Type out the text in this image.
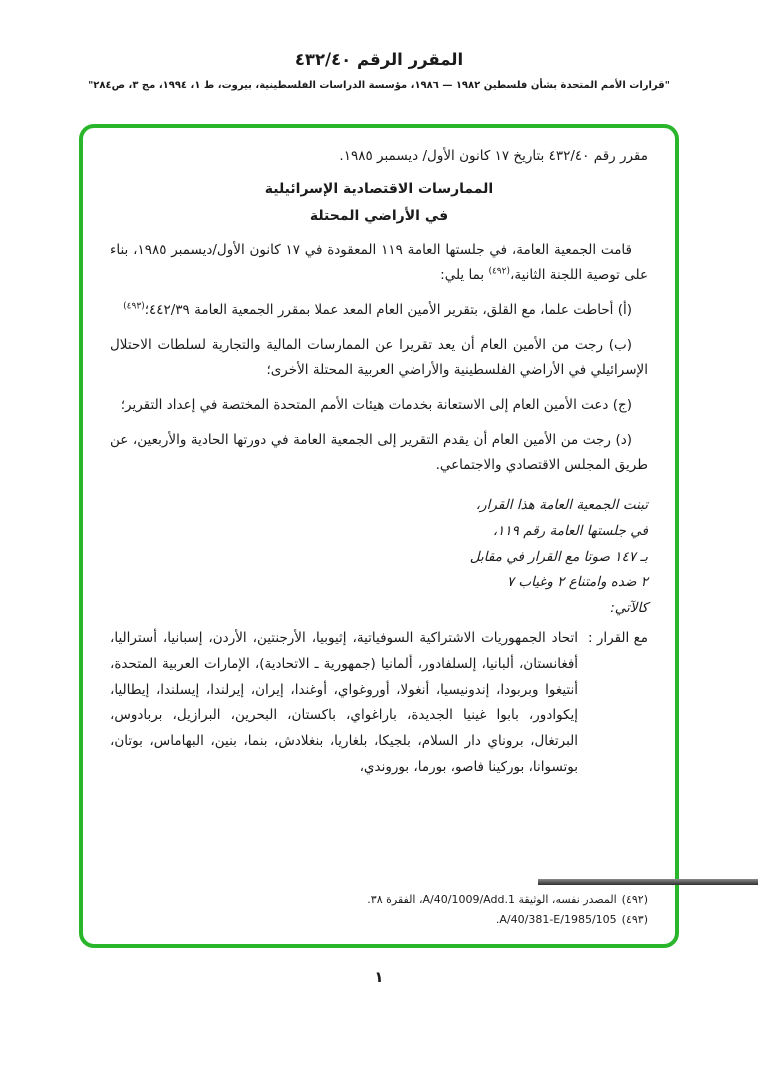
المقرر الرقم ٤٣٢/٤٠
"قرارات الأمم المتحدة بشأن فلسطين ١٩٨٢ — ١٩٨٦، مؤسسة الدراسات الفلسطينية، بيروت، ط ١، ١٩٩٤، مج ٣، ص٢٨٤"
مقرر رقم ٤٣٢/٤٠ بتاريخ ١٧ كانون الأول/ ديسمبر ١٩٨٥.
الممارسات الاقتصادية الإسرائيلية
في الأراضي المحتلة

قامت الجمعية العامة، في جلستها العامة ١١٩ المعقودة في ١٧ كانون الأول/ديسمبر ١٩٨٥، بناء على توصية اللجنة الثانية،$^{(٤٩٢)}$ بما يلي:

(أ) أحاطت علما، مع القلق، بتقرير الأمين العام المعد عملا بمقرر الجمعية العامة ٤٤٢/٣٩؛$^{(٤٩٣)}$

(ب) رجت من الأمين العام أن يعد تقريرا عن الممارسات المالية والتجارية لسلطات الاحتلال الإسرائيلي في الأراضي الفلسطينية والأراضي العربية المحتلة الأخرى؛

(ج) دعت الأمين العام إلى الاستعانة بخدمات هيئات الأمم المتحدة المختصة في إعداد التقرير؛

(د) رجت من الأمين العام أن يقدم التقرير إلى الجمعية العامة في دورتها الحادية والأربعين، عن طريق المجلس الاقتصادي والاجتماعي.

تبنت الجمعية العامة هذا القرار،
في جلستها العامة رقم ١١٩،
بـ ١٤٧ صوتا مع القرار في مقابل
٢ ضده وامتناع ٢ وغياب ٧
كالآتي:
مع القرار :
اتحاد الجمهوريات الاشتراكية السوفياتية، إثيوبيا، الأرجنتين، الأردن، إسبانيا، أستراليا، أفغانستان، ألبانيا، إلسلفادور، ألمانيا (جمهورية ـ الاتحادية)، الإمارات العربية المتحدة، أنتيغوا وبربودا، إندونيسيا، أنغولا، أوروغواي، أوغندا، إيران، إيرلندا، إيسلندا، إيطاليا، إيكوادور، بابوا غينيا الجديدة، باراغواي، باكستان، البحرين، البرازيل، بربادوس، البرتغال، بروناي دار السلام، بلجيكا، بلغاريا، بنغلادش، بنما، بنين، البهاماس، بوتان، بوتسوانا، بوركينا فاصو، بورما، بوروندي،
(٤٩٢)المصدر نفسه، الوثيقة A/40/1009/Add.1، الفقرة ٣٨.
(٤٩٣)A/40/381-E/1985/105.
١
